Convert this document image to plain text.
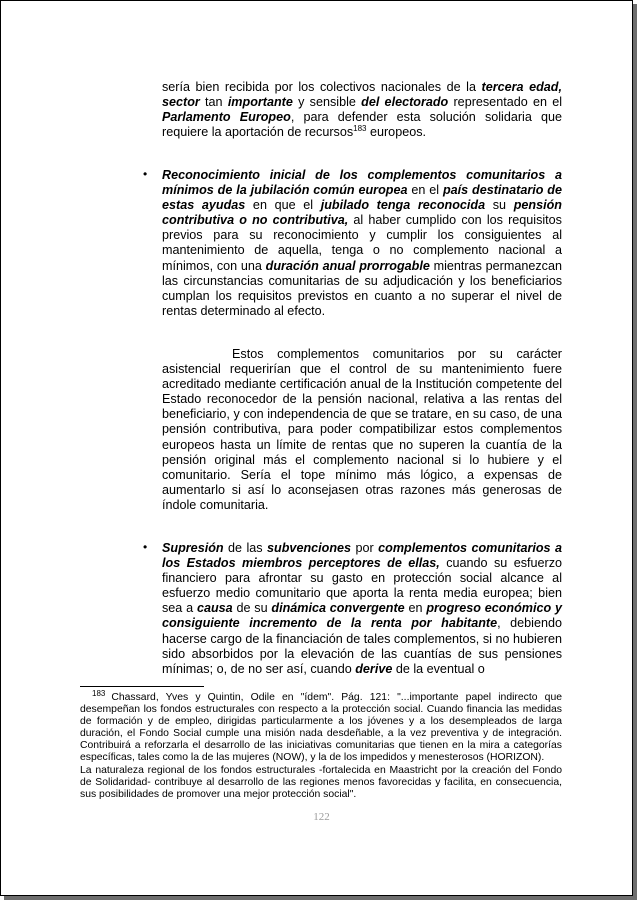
sería bien recibida por los colectivos nacionales de la tercera edad, sector tan importante y sensible del electorado representado en el Parlamento Europeo, para defender esta solución solidaria que requiere la aportación de recursos$^{183}$ europeos.
• Reconocimiento inicial de los complementos comunitarios a mínimos de la jubilación común europea en el país destinatario de estas ayudas en que el jubilado tenga reconocida su pensión contributiva o no contributiva, al haber cumplido con los requisitos previos para su reconocimiento y cumplir los consiguientes al mantenimiento de aquella, tenga o no complemento nacional a mínimos, con una duración anual prorrogable mientras permanezcan las circunstancias comunitarias de su adjudicación y los beneficiarios cumplan los requisitos previstos en cuanto a no superar el nivel de rentas determinado al efecto.
Estos complementos comunitarios por su carácter asistencial requerirían que el control de su mantenimiento fuere acreditado mediante certificación anual de la Institución competente del Estado reconocedor de la pensión nacional, relativa a las rentas del beneficiario, y con independencia de que se tratare, en su caso, de una pensión contributiva, para poder compatibilizar estos complementos europeos hasta un límite de rentas que no superen la cuantía de la pensión original más el complemento nacional si lo hubiere y el comunitario. Sería el tope mínimo más lógico, a expensas de aumentarlo si así lo aconsejasen otras razones más generosas de índole comunitaria.
• Supresión de las subvenciones por complementos comunitarios a los Estados miembros perceptores de ellas, cuando su esfuerzo financiero para afrontar su gasto en protección social alcance al esfuerzo medio comunitario que aporta la renta media europea; bien sea a causa de su dinámica convergente en progreso económico y consiguiente incremento de la renta por habitante, debiendo hacerse cargo de la financiación de tales complementos, si no hubieren sido absorbidos por la elevación de las cuantías de sus pensiones mínimas; o, de no ser así, cuando derive de la eventual o
$^{183}$ Chassard, Yves y Quintin, Odile en "ídem". Pág. 121: "...importante papel indirecto que desempeñan los fondos estructurales con respecto a la protección social. Cuando financia las medidas de formación y de empleo, dirigidas particularmente a los jóvenes y a los desempleados de larga duración, el Fondo Social cumple una misión nada desdeñable, a la vez preventiva y de integración. Contribuirá a reforzarla el desarrollo de las iniciativas comunitarias que tienen en la mira a categorías específicas, tales como la de las mujeres (NOW), y la de los impedidos y menesterosos (HORIZON).
La naturaleza regional de los fondos estructurales -fortalecida en Maastricht por la creación del Fondo de Solidaridad- contribuye al desarrollo de las regiones menos favorecidas y facilita, en consecuencia, sus posibilidades de promover una mejor protección social".
122
